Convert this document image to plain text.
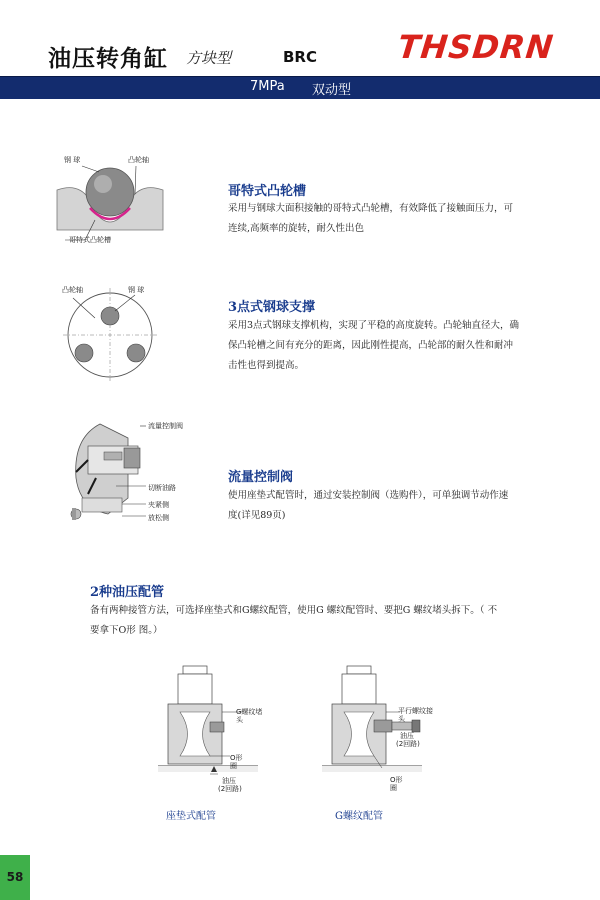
油压转角缸 方块型	BRC THSDRN
7MPa 双动型
钢 球	凸轮轴
哥特式凸轮槽
哥特式凸轮槽
采用与钢球大面积接触的哥特式凸轮槽，有效降低了接触面压力，可
连续,高频率的旋转，耐久性出色
凸轮轴	钢 球
3点式钢球支撑
采用3点式钢球支撑机构，实现了平稳的高度旋转。凸轮轴直径大，确
保凸轮槽之间有充分的距离，因此刚性提高，凸轮部的耐久性和耐冲
击性也得到提高。
流量控制阀
切断油路
夹紧侧
放松侧
流量控制阀
使用座垫式配管时，通过安装控制阀（选购件），可单独调节动作速
度(详见89页)
2种油压配管
备有两种接管方法，可选择座垫式和G螺纹配管，使用G 螺纹配管时、要把G 螺纹堵头拆下。（ 不
要拿下O形 图。）
G螺纹堵
头
O形
圈
油压
(2回路)
座垫式配管
平行螺纹接
头
油压
(2回路)
O形
圈
G螺纹配管
58
